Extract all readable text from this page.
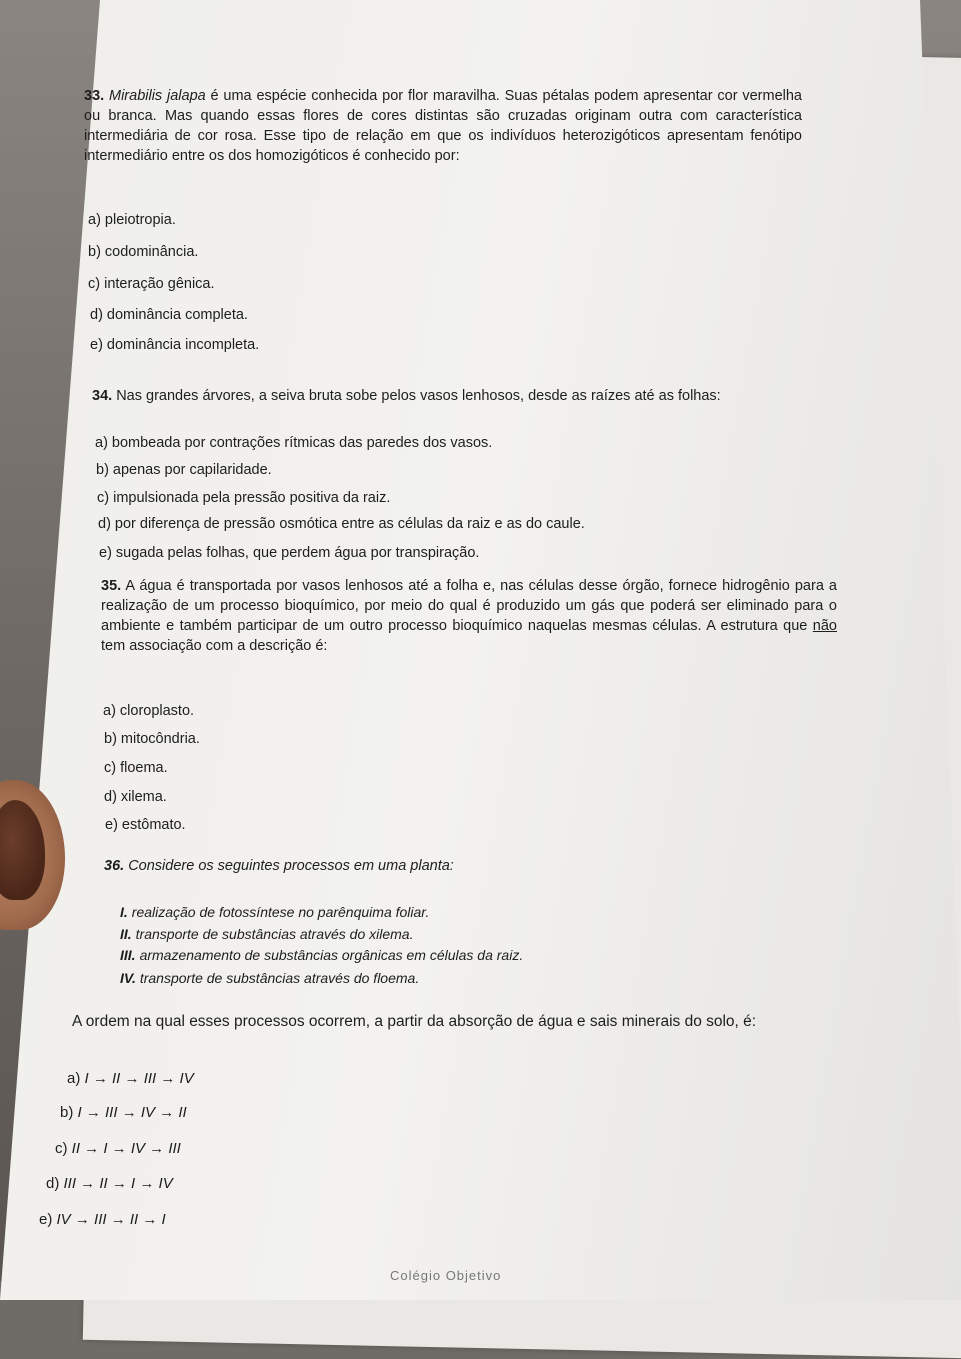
33. Mirabilis jalapa é uma espécie conhecida por flor maravilha. Suas pétalas podem apresentar cor vermelha ou branca. Mas quando essas flores de cores distintas são cruzadas originam outra com característica intermediária de cor rosa. Esse tipo de relação em que os indivíduos heterozigóticos apresentam fenótipo intermediário entre os dos homozigóticos é conhecido por:
a) pleiotropia.
b) codominância.
c) interação gênica.
d) dominância completa.
e) dominância incompleta.
34. Nas grandes árvores, a seiva bruta sobe pelos vasos lenhosos, desde as raízes até as folhas:
a) bombeada por contrações rítmicas das paredes dos vasos.
b) apenas por capilaridade.
c) impulsionada pela pressão positiva da raiz.
d) por diferença de pressão osmótica entre as células da raiz e as do caule.
e) sugada pelas folhas, que perdem água por transpiração.
35. A água é transportada por vasos lenhosos até a folha e, nas células desse órgão, fornece hidrogênio para a realização de um processo bioquímico, por meio do qual é produzido um gás que poderá ser eliminado para o ambiente e também participar de um outro processo bioquímico naquelas mesmas células. A estrutura que não tem associação com a descrição é:
a) cloroplasto.
b) mitocôndria.
c) floema.
d) xilema.
e) estômato.
36. Considere os seguintes processos em uma planta:
I. realização de fotossíntese no parênquima foliar.
II. transporte de substâncias através do xilema.
III. armazenamento de substâncias orgânicas em células da raiz.
IV. transporte de substâncias através do floema.
A ordem na qual esses processos ocorrem, a partir da absorção de água e sais minerais do solo, é:
a) I → II → III → IV
b) I → III → IV → II
c) II → I → IV → III
d) III → II → I → IV
e) IV → III → II → I
Colégio Objetivo
